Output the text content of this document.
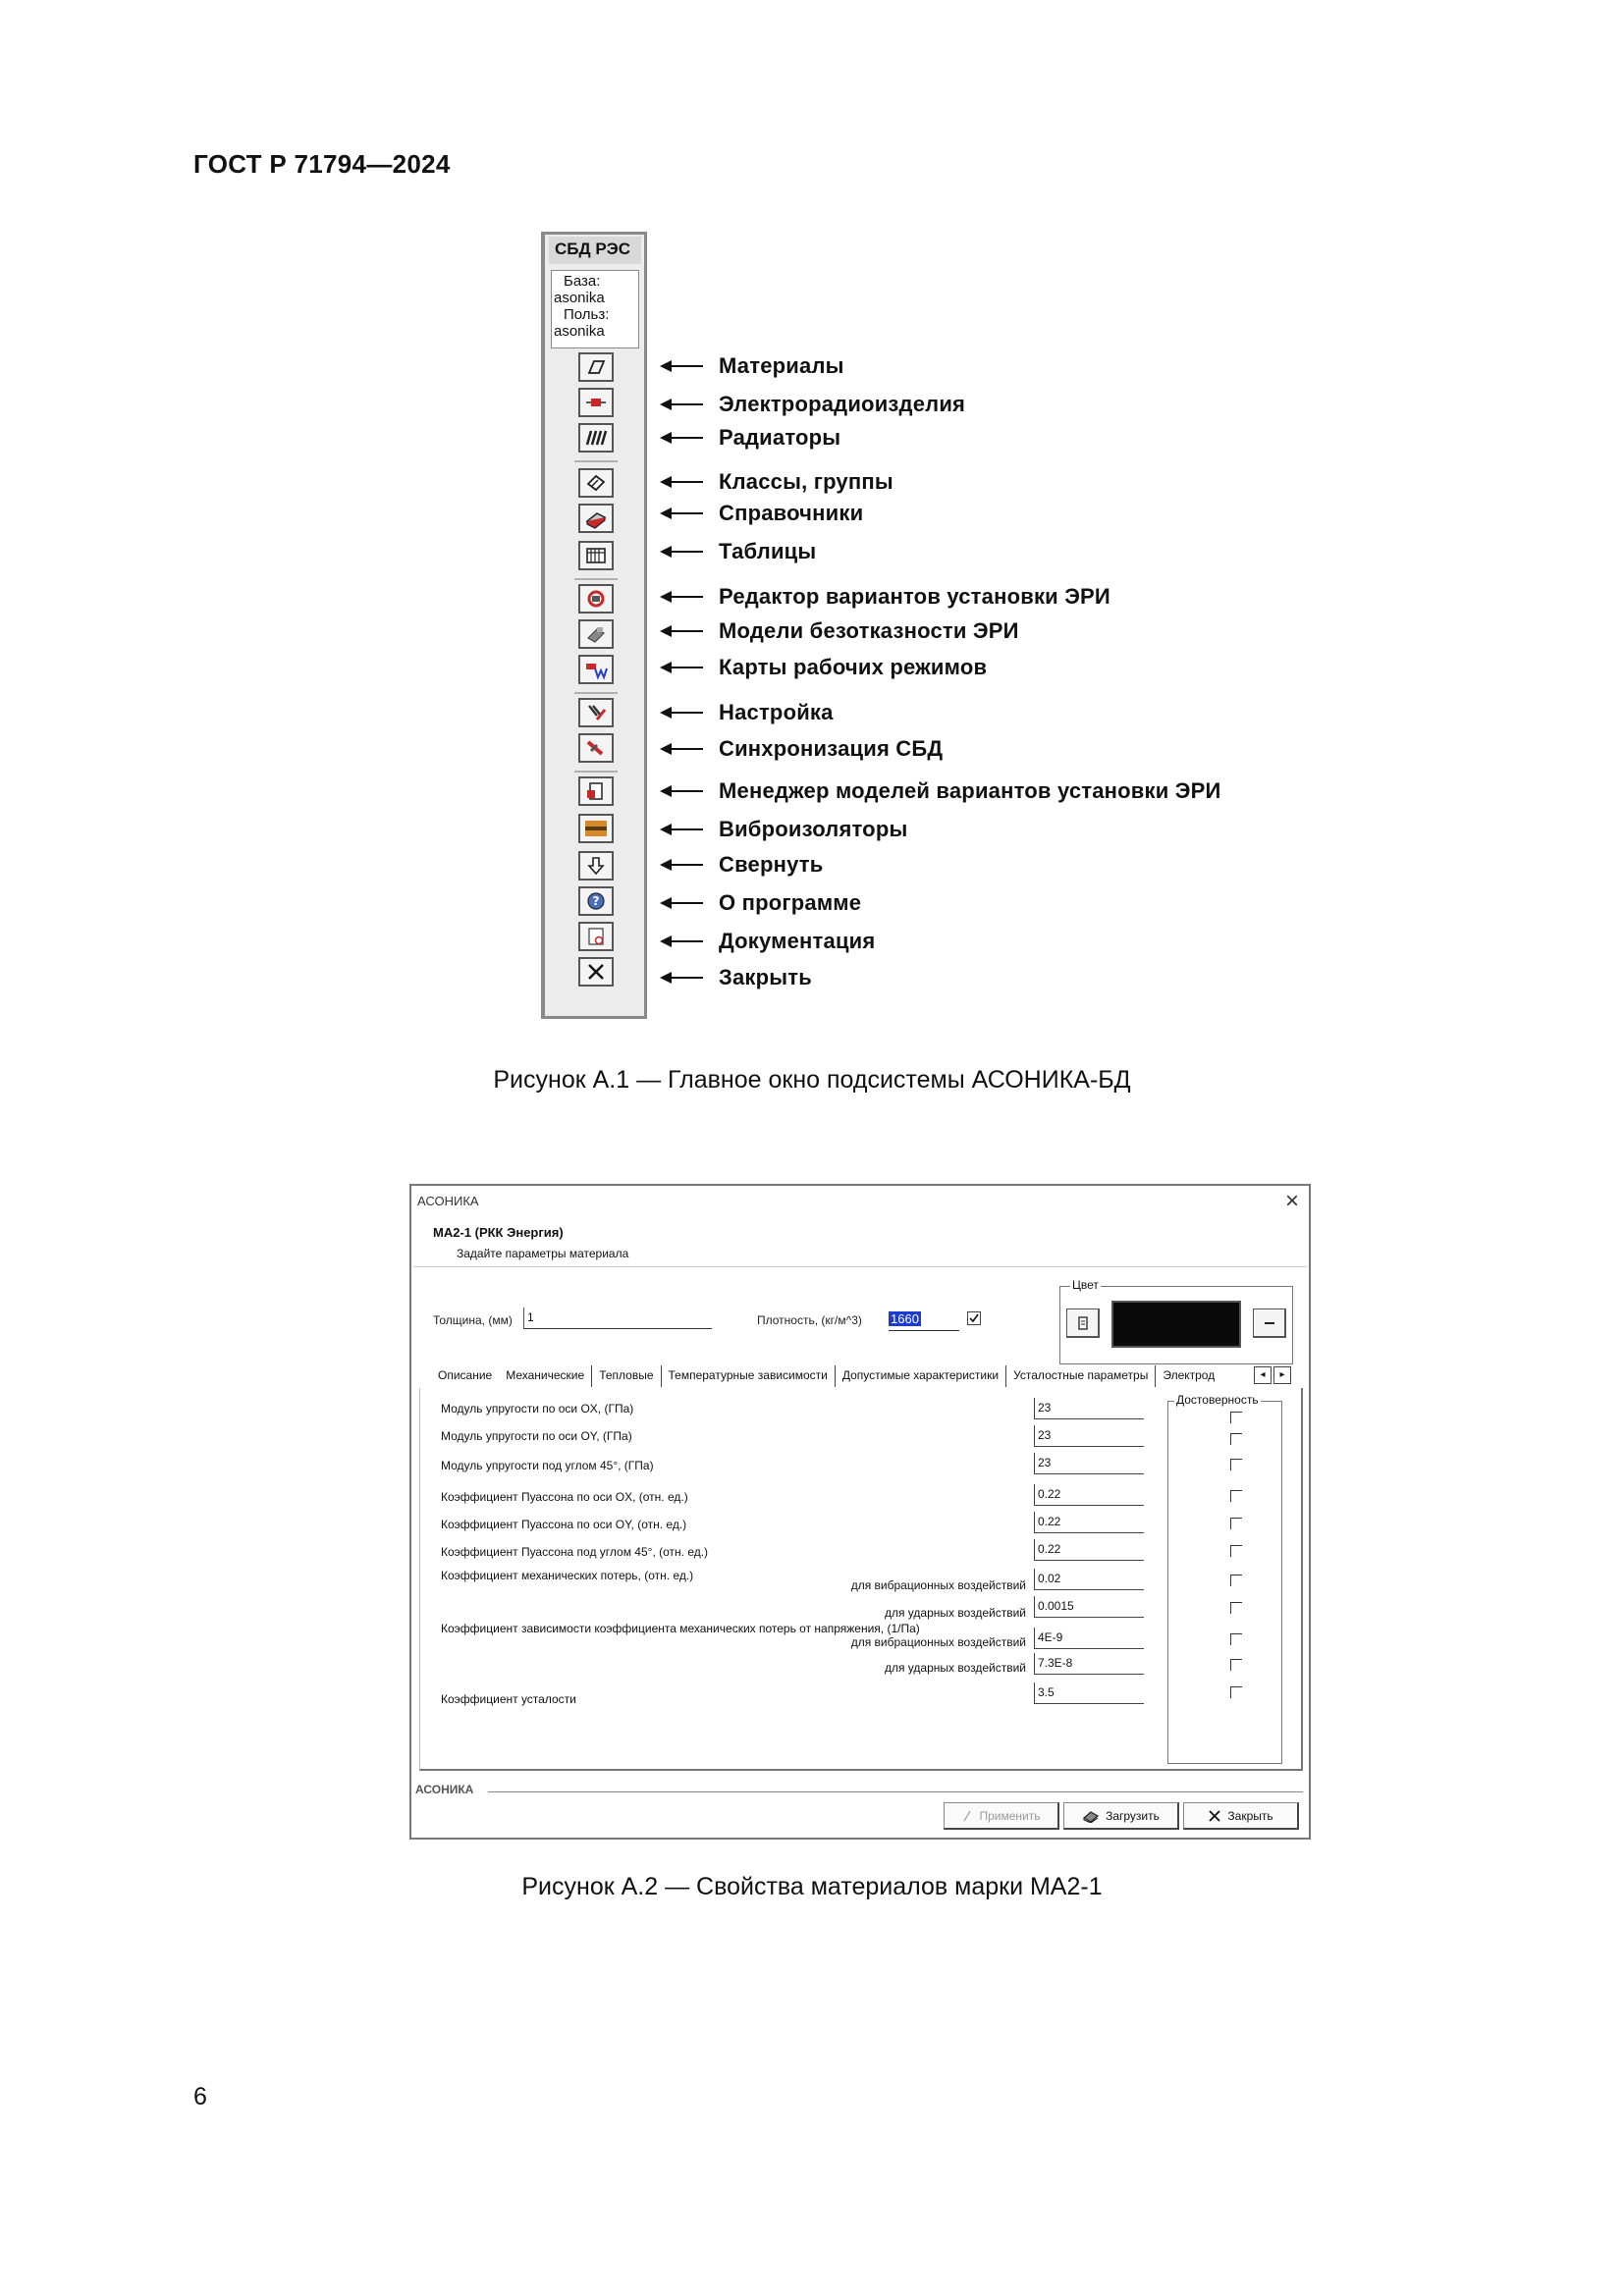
ГОСТ Р 71794—2024
СБД РЭС
База:
asonika
Польз:
asonika
?
Материалы
Электрорадиоизделия
Радиаторы
Классы, группы
Справочники
Таблицы
Редактор вариантов установки ЭРИ
Модели безотказности ЭРИ
Карты рабочих режимов
Настройка
Синхронизация СБД
Менеджер моделей вариантов установки ЭРИ
Виброизоляторы
Свернуть
О программе
Документация
Закрыть
Рисунок А.1 — Главное окно подсистемы АСОНИКА-БД
АСОНИКА	×
МА2-1 (РКК Энергия)
Задайте параметры материала
Толщина, (мм)	1	Плотность, (кг/м^3)	1660
Цвет
Описание	Механические	Тепловые	Температурные зависимости	Допустимые характеристики	Усталостные параметры	Электрод	◂	▸
Модуль упругости по оси OX, (ГПа)	23
Модуль упругости по оси OY, (ГПа)	23
Модуль упругости под углом 45°, (ГПа)	23
Коэффициент Пуассона по оси OX, (отн. ед.)	0.22
Коэффициент Пуассона по оси OY, (отн. ед.)	0.22
Коэффициент Пуассона под углом 45°, (отн. ед.)	0.22
Коэффициент механических потерь, (отн. ед.)
для вибрационных воздействий	0.02
для ударных воздействий	0.0015
Коэффициент зависимости коэффициента механических потерь от напряжения, (1/Па)
для вибрационных воздействий	4E-9
для ударных воздействий	7.3E-8
Коэффициент усталости	3.5
Достоверность
АСОНИКА
Применить	Загрузить	Закрыть
Рисунок А.2 — Свойства материалов марки МА2-1
6
